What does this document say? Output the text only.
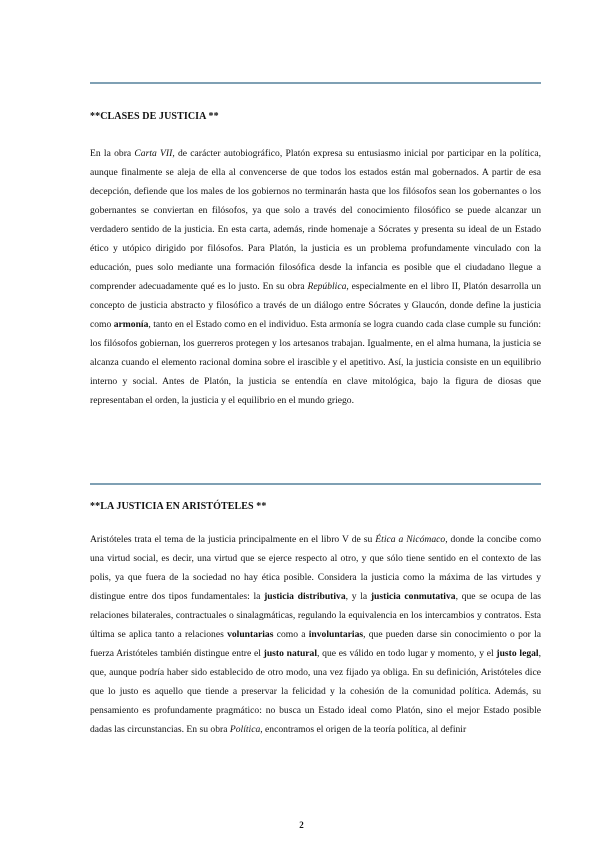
**CLASES DE JUSTICIA **

En la obra Carta VII, de carácter autobiográfico, Platón expresa su entusiasmo inicial por participar en la política, aunque finalmente se aleja de ella al convencerse de que todos los estados están mal gobernados. A partir de esa decepción, defiende que los males de los gobiernos no terminarán hasta que los filósofos sean los gobernantes o los gobernantes se conviertan en filósofos, ya que solo a través del conocimiento filosófico se puede alcanzar un verdadero sentido de la justicia. En esta carta, además, rinde homenaje a Sócrates y presenta su ideal de un Estado ético y utópico dirigido por filósofos. Para Platón, la justicia es un problema profundamente vinculado con la educación, pues solo mediante una formación filosófica desde la infancia es posible que el ciudadano llegue a comprender adecuadamente qué es lo justo. En su obra República, especialmente en el libro II, Platón desarrolla un concepto de justicia abstracto y filosófico a través de un diálogo entre Sócrates y Glaucón, donde define la justicia como armonía, tanto en el Estado como en el individuo. Esta armonía se logra cuando cada clase cumple su función: los filósofos gobiernan, los guerreros protegen y los artesanos trabajan. Igualmente, en el alma humana, la justicia se alcanza cuando el elemento racional domina sobre el irascible y el apetitivo. Así, la justicia consiste en un equilibrio interno y social. Antes de Platón, la justicia se entendía en clave mitológica, bajo la figura de diosas que representaban el orden, la justicia y el equilibrio en el mundo griego.

**LA JUSTICIA EN ARISTÓTELES **

Aristóteles trata el tema de la justicia principalmente en el libro V de su Ética a Nicómaco, donde la concibe como una virtud social, es decir, una virtud que se ejerce respecto al otro, y que sólo tiene sentido en el contexto de las polis, ya que fuera de la sociedad no hay ética posible. Considera la justicia como la máxima de las virtudes y distingue entre dos tipos fundamentales: la justicia distributiva, y la justicia conmutativa, que se ocupa de las relaciones bilaterales, contractuales o sinalagmáticas, regulando la equivalencia en los intercambios y contratos. Esta última se aplica tanto a relaciones voluntarias como a involuntarias, que pueden darse sin conocimiento o por la fuerza Aristóteles también distingue entre el justo natural, que es válido en todo lugar y momento, y el justo legal, que, aunque podría haber sido establecido de otro modo, una vez fijado ya obliga. En su definición, Aristóteles dice que lo justo es aquello que tiende a preservar la felicidad y la cohesión de la comunidad política. Además, su pensamiento es profundamente pragmático: no busca un Estado ideal como Platón, sino el mejor Estado posible dadas las circunstancias. En su obra Política, encontramos el origen de la teoría política, al definir

2
